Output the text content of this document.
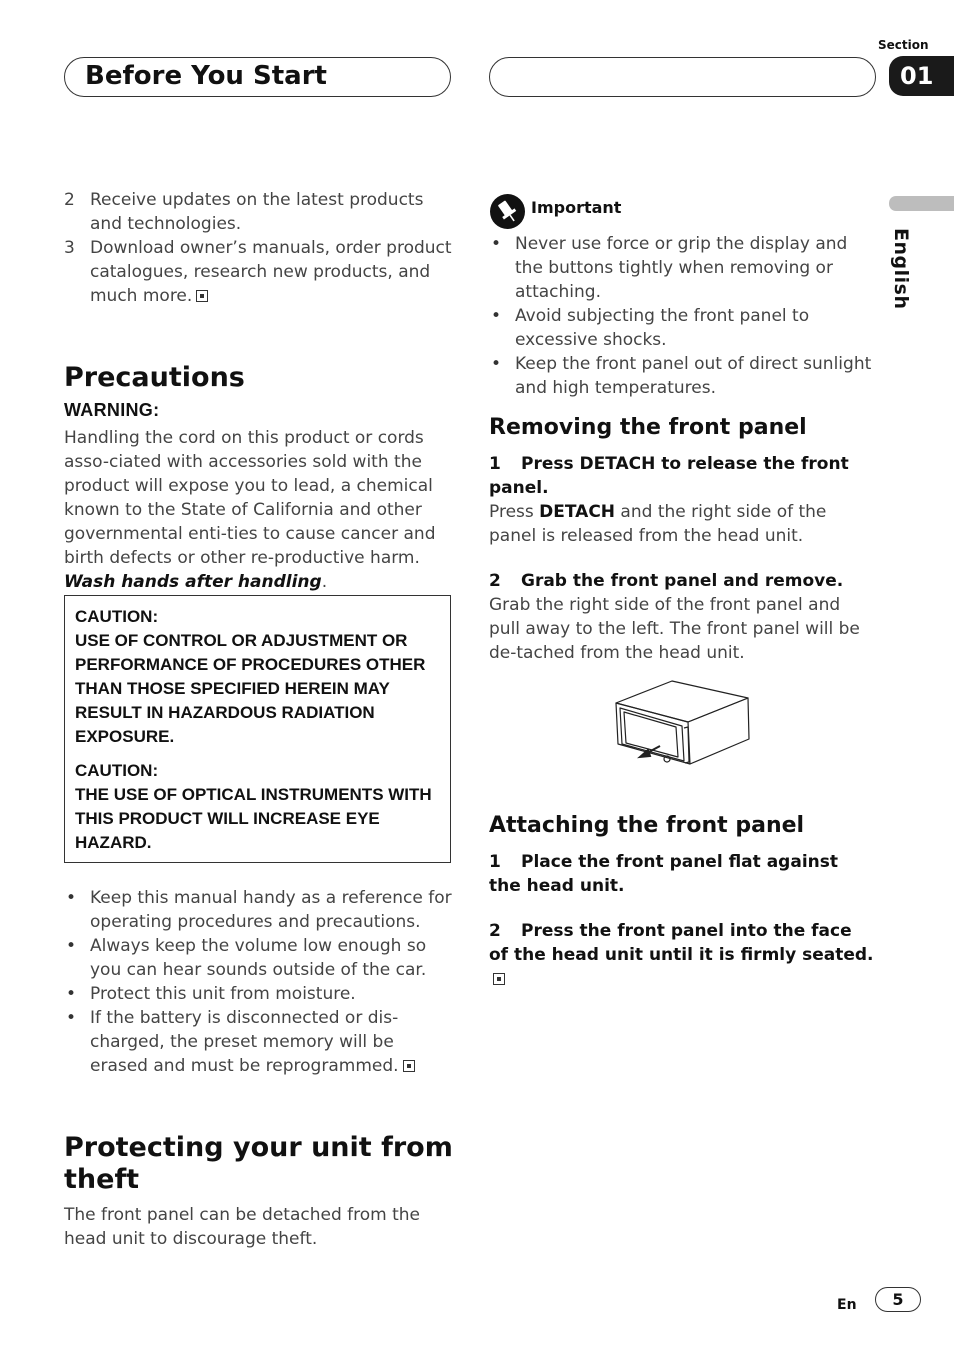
Before You Start
Section
01
English
2 Receive updates on the latest products and technologies.
3 Download owner’s manuals, order product catalogues, research new products, and much more.
Precautions
WARNING:
Handling the cord on this product or cords asso-ciated with accessories sold with the product will expose you to lead, a chemical known to the State of California and other governmental enti-ties to cause cancer and birth defects or other re-productive harm. Wash hands after handling.
CAUTION:
USE OF CONTROL OR ADJUSTMENT OR PERFORMANCE OF PROCEDURES OTHER THAN THOSE SPECIFIED HEREIN MAY RESULT IN HAZARDOUS RADIATION EXPOSURE.
CAUTION:
THE USE OF OPTICAL INSTRUMENTS WITH THIS PRODUCT WILL INCREASE EYE HAZARD.
• Keep this manual handy as a reference for operating procedures and precautions.
• Always keep the volume low enough so you can hear sounds outside of the car.
• Protect this unit from moisture.
• If the battery is disconnected or dis-charged, the preset memory will be erased and must be reprogrammed.
Protecting your unit from theft
The front panel can be detached from the head unit to discourage theft.
Important
• Never use force or grip the display and the buttons tightly when removing or attaching.
• Avoid subjecting the front panel to excessive shocks.
• Keep the front panel out of direct sunlight and high temperatures.
Removing the front panel
1 Press DETACH to release the front panel.
Press DETACH and the right side of the panel is released from the head unit.
2 Grab the front panel and remove.
Grab the right side of the front panel and pull away to the left. The front panel will be de-tached from the head unit.
Attaching the front panel
1 Place the front panel flat against the head unit.
2 Press the front panel into the face of the head unit until it is firmly seated.
En	5
